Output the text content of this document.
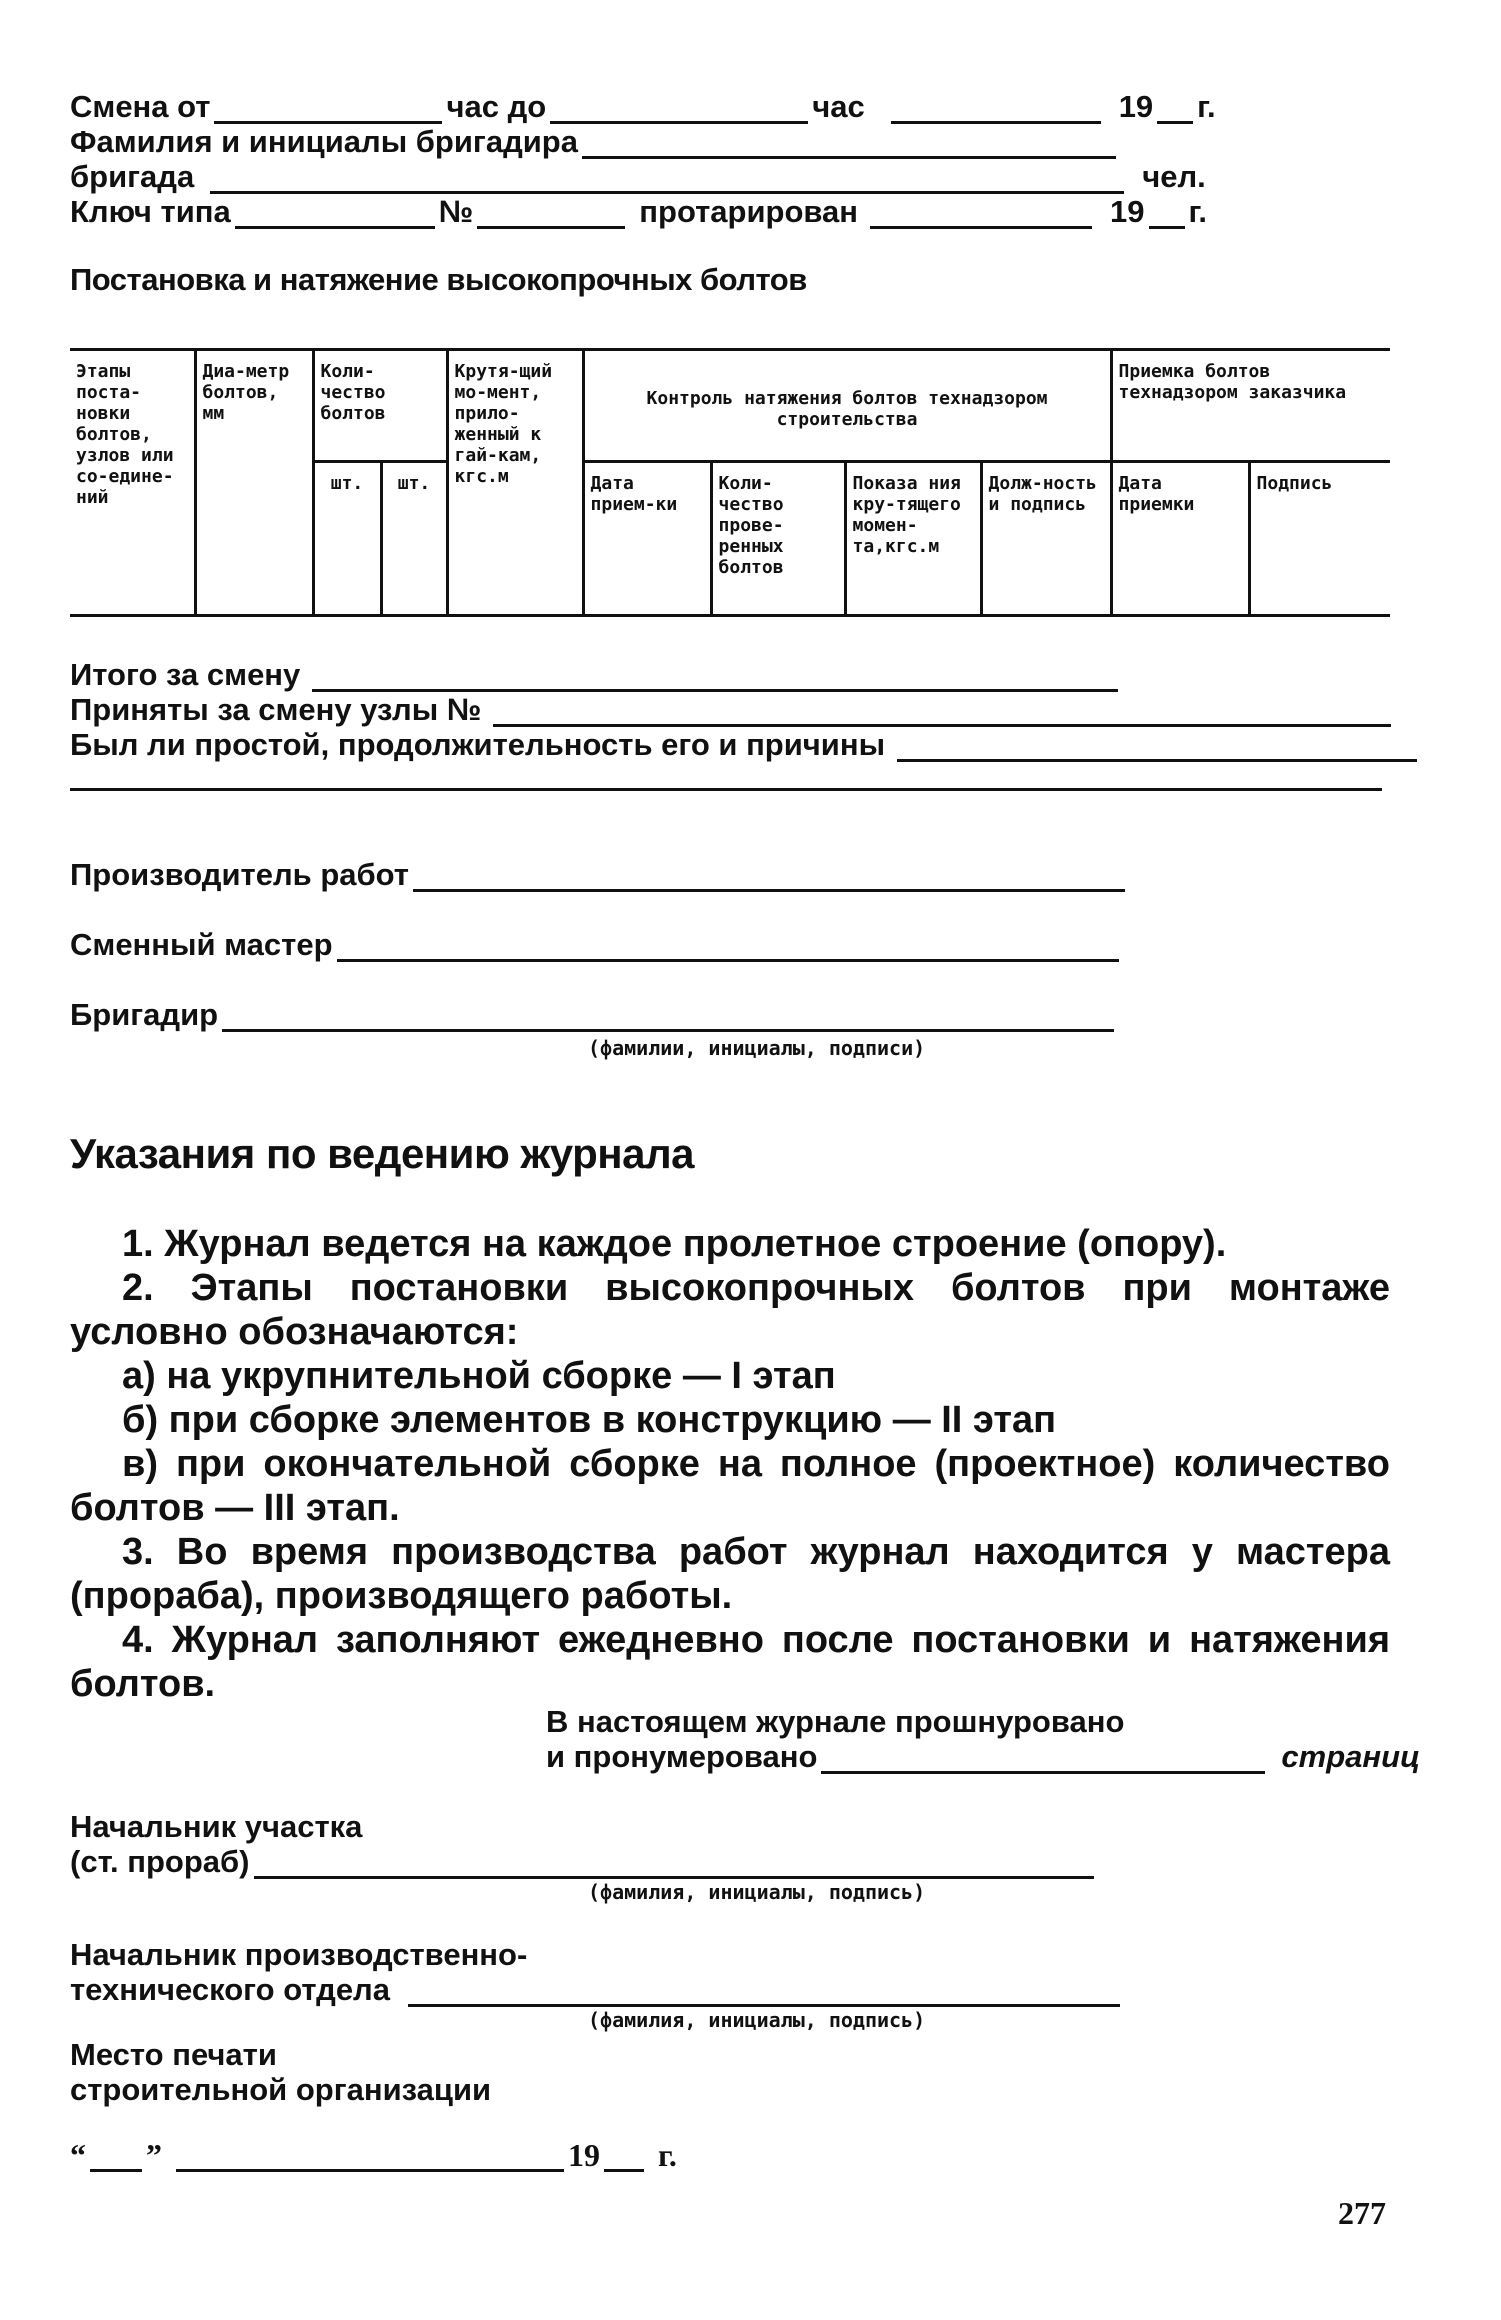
Смена от	час до	час	19 г.
Фамилия и инициалы бригадира
бригада	чел.
Ключ типа	№	протарирован	19 г.
Постановка и натяжение высокопрочных болтов
Этапы поста-новки болтов, узлов или со-едине-ний	Диа-метр болтов, мм	Коли-чество болтов		Крутя-щий мо-мент, прило-женный к гай-кам, кгс.м	Контроль натяжения болтов технадзором строительства				Приемка болтов технадзором заказчика	
		шт.	шт.		Дата прием-ки	Коли-чество прове-ренных болтов	Показа ния кру-тящего момен-та,кгс.м	Долж-ность и подпись	Дата приемки	Подпись
Итого за смену
Приняты за смену узлы №
Был ли простой, продолжительность его и причины
Производитель работ
Сменный мастер
Бригадир
(фамилии, инициалы, подписи)
Указания по ведению журнала
1. Журнал ведется на каждое пролетное строение (опору).
2. Этапы постановки высокопрочных болтов при монтаже условно обозначаются:
а) на укрупнительной сборке — I этап
б) при сборке элементов в конструкцию — II этап
в) при окончательной сборке на полное (проектное) количество болтов — III этап.
3. Во время производства работ журнал находится у мастера (прораба), производящего работы.
4. Журнал заполняют ежедневно после постановки и натяжения болтов.
В настоящем журнале прошнуровано
и пронумеровано	страниц
Начальник участка
(ст. прораб)
(фамилия, инициалы, подпись)
Начальник производственно-
технического отдела
(фамилия, инициалы, подпись)
Место печати
строительной организации
“ ”	19 г.
277
